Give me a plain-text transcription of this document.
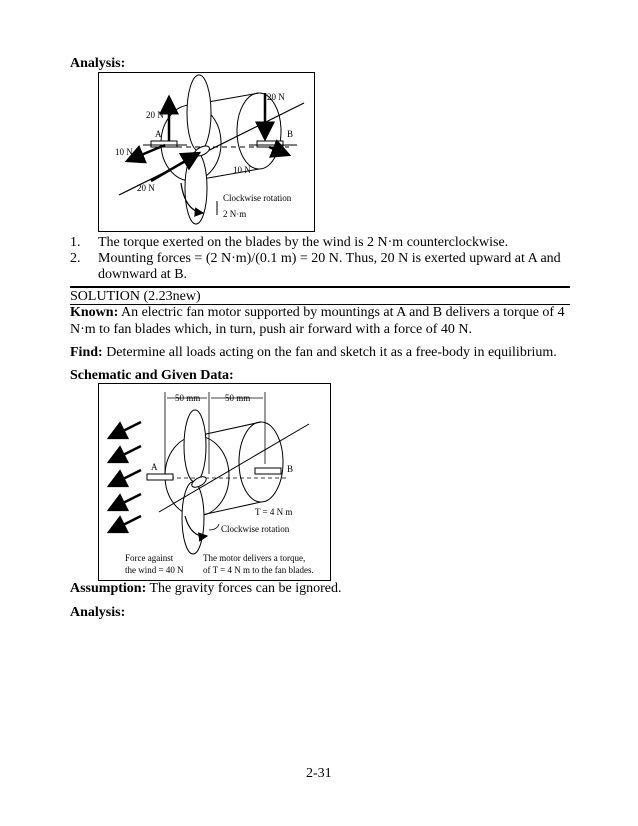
Analysis:
20 N
20 N
A	B
10 N
10 N
20 N
Clockwise rotation
2 N·m
1. The torque exerted on the blades by the wind is 2 N·m counterclockwise.
2. Mounting forces = (2 N·m)/(0.1 m) = 20 N. Thus, 20 N is exerted upward at A and downward at B.
SOLUTION (2.23new)
Known: An electric fan motor supported by mountings at A and B delivers a torque of 4 N·m to fan blades which, in turn, push air forward with a force of 40 N.
Find: Determine all loads acting on the fan and sketch it as a free-body in equilibrium.
Schematic and Given Data:
50 mm	50 mm
A	B
T = 4 N m
Clockwise rotation
Force against
the wind = 40 N
The motor delivers a torque,
of T = 4 N m to the fan blades.
Assumption: The gravity forces can be ignored.
Analysis:
2-31
